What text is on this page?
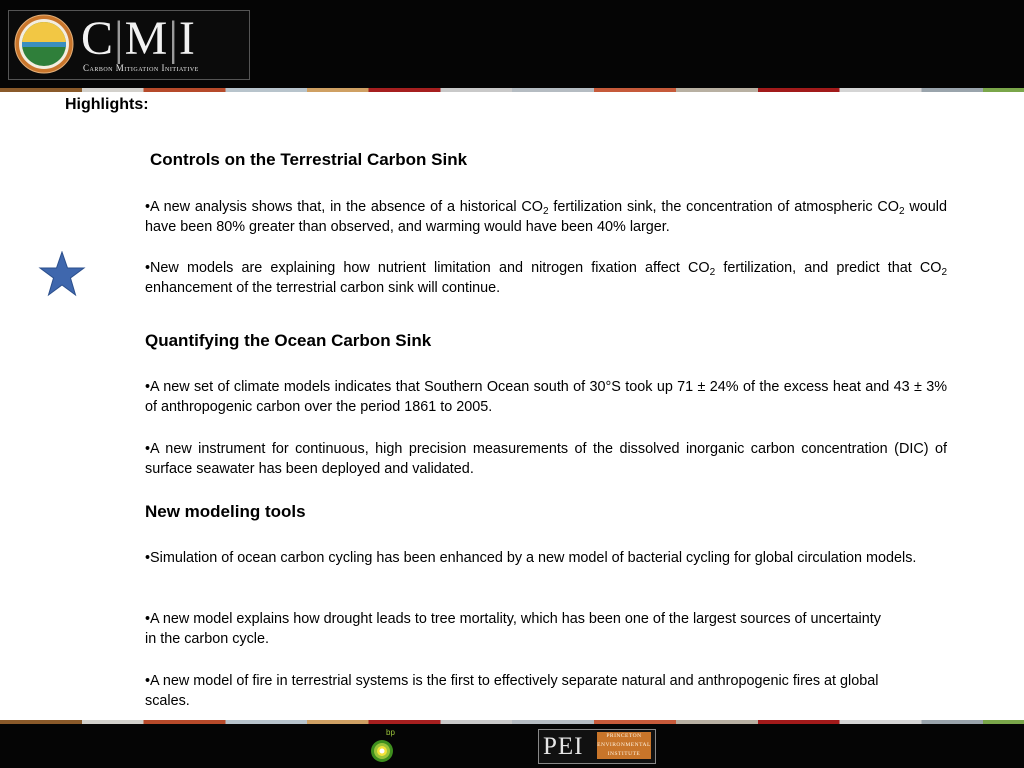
C|M|I
Carbon Mitigation Initiative
Highlights:
Controls on the Terrestrial Carbon Sink
•A new analysis shows that, in the absence of a historical $CO_2$ fertilization sink, the concentration of atmospheric $CO_2$ would have been 80% greater than observed, and warming would have been 40% larger.
•New models are explaining how nutrient limitation and nitrogen fixation affect $CO_2$ fertilization, and predict that $CO_2$ enhancement of the terrestrial carbon sink will continue.
Quantifying the Ocean Carbon Sink
•A new set of climate models indicates that Southern Ocean south of 30°S took up 71 ± 24% of the excess heat and 43 ± 3% of anthropogenic carbon over the period 1861 to 2005.
•A new instrument for continuous, high precision measurements of the dissolved inorganic carbon concentration (DIC) of surface seawater has been deployed and validated.
New modeling tools
•Simulation of ocean carbon cycling has been enhanced by a new model of bacterial cycling for global circulation models.
•A new model explains how drought leads to tree mortality, which has been one of the largest sources of uncertainty in the carbon cycle.
•A new model of fire in terrestrial systems is the first to effectively separate natural and anthropogenic fires at global scales.
bp
PEI	PRINCETON
ENVIRONMENTAL
INSTITUTE
